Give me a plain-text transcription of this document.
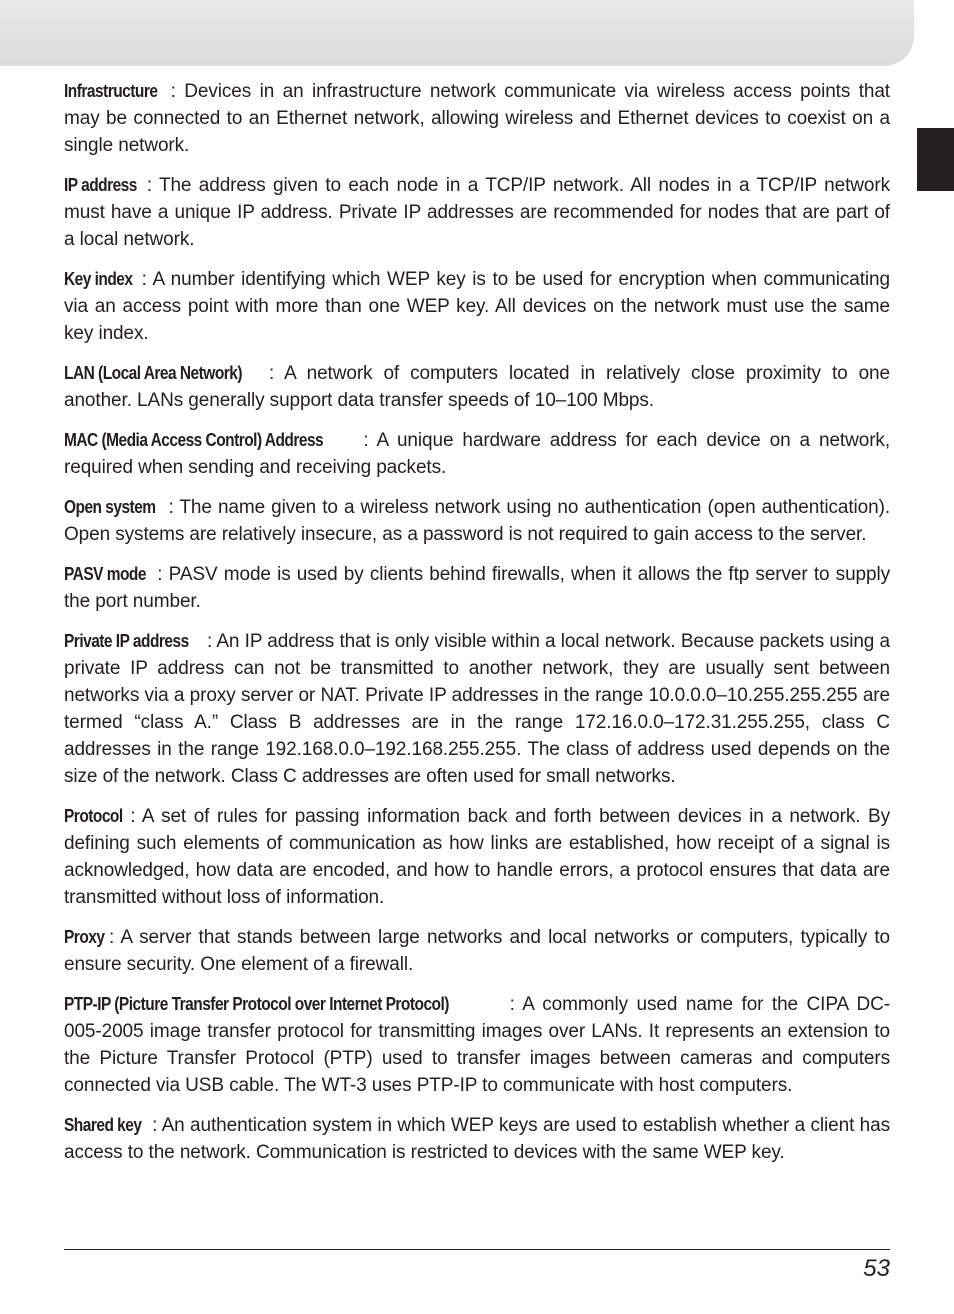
Infrastructure : Devices in an infrastructure network communicate via wireless access points that may be connected to an Ethernet network, allowing wireless and Ethernet devices to coexist on a single network.

IP address : The address given to each node in a TCP/IP network. All nodes in a TCP/IP network must have a unique IP address. Private IP addresses are recommended for nodes that are part of a local network.

Key index : A number identifying which WEP key is to be used for encryption when communicating via an access point with more than one WEP key. All devices on the network must use the same key index.

LAN (Local Area Network) : A network of computers located in relatively close proximity to one another. LANs generally support data transfer speeds of 10–100 Mbps.

MAC (Media Access Control) Address : A unique hardware address for each device on a network, required when sending and receiving packets.

Open system : The name given to a wireless network using no authentication (open authentication). Open systems are relatively insecure, as a password is not required to gain access to the server.

PASV mode : PASV mode is used by clients behind firewalls, when it allows the ftp server to supply the port number.

Private IP address : An IP address that is only visible within a local network. Because packets using a private IP address can not be transmitted to another network, they are usually sent between networks via a proxy server or NAT. Private IP addresses in the range 10.0.0.0–10.255.255.255 are termed “class A.” Class B addresses are in the range 172.16.0.0–172.31.255.255, class C addresses in the range 192.168.0.0–192.168.255.255. The class of address used depends on the size of the network. Class C addresses are often used for small networks.

Protocol : A set of rules for passing information back and forth between devices in a network. By defining such elements of communication as how links are established, how receipt of a signal is acknowledged, how data are encoded, and how to handle errors, a protocol ensures that data are transmitted without loss of information.

Proxy : A server that stands between large networks and local networks or computers, typically to ensure security. One element of a firewall.

PTP-IP (Picture Transfer Protocol over Internet Protocol)	: A commonly used name for the CIPA DC-005-2005 image transfer protocol for transmitting images over LANs. It represents an extension to the Picture Transfer Protocol (PTP) used to transfer images between cameras and computers connected via USB cable. The WT-3 uses PTP-IP to communicate with host computers.

Shared key : An authentication system in which WEP keys are used to establish whether a client has access to the network. Communication is restricted to devices with the same WEP key.

53
